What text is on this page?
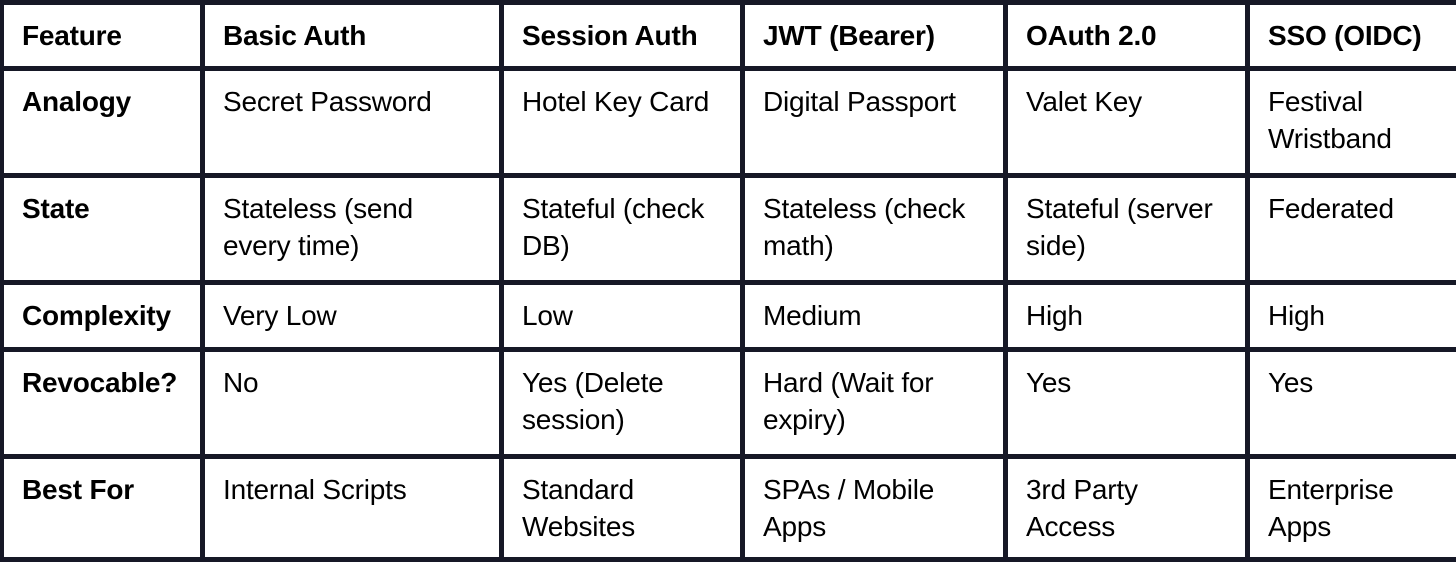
Feature	Basic Auth	Session Auth	JWT (Bearer)	OAuth 2.0	SSO (OIDC)
Analogy	Secret Password	Hotel Key Card	Digital Passport	Valet Key	Festival Wristband
State	Stateless (send every time)	Stateful (check DB)	Stateless (check math)	Stateful (server side)	Federated
Complexity	Very Low	Low	Medium	High	High
Revocable?	No	Yes (Delete session)	Hard (Wait for expiry)	Yes	Yes
Best For	Internal Scripts	Standard Websites	SPAs / Mobile Apps	3rd Party Access	Enterprise Apps
